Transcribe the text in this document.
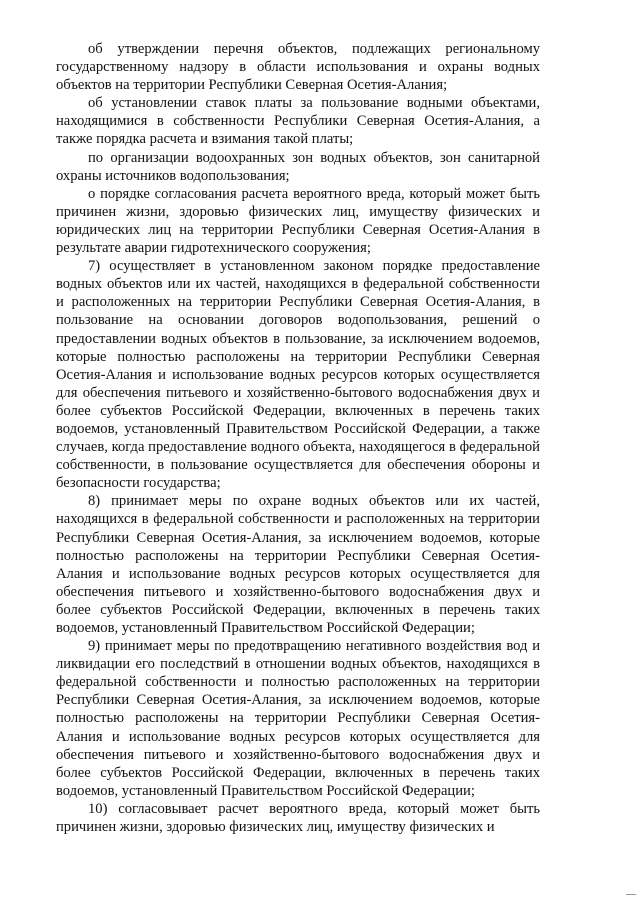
об утверждении перечня объектов, подлежащих региональному государственному надзору в области использования и охраны водных объектов на территории Республики Северная Осетия-Алания;

об установлении ставок платы за пользование водными объектами, находящимися в собственности Республики Северная Осетия-Алания, а также порядка расчета и взимания такой платы;

по организации водоохранных зон водных объектов, зон санитарной охраны источников водопользования;

о порядке согласования расчета вероятного вреда, который может быть причинен жизни, здоровью физических лиц, имуществу физических и юридических лиц на территории Республики Северная Осетия-Алания в результате аварии гидротехнического сооружения;

7) осуществляет в установленном законом порядке предоставление водных объектов или их частей, находящихся в федеральной собственности и расположенных на территории Республики Северная Осетия-Алания, в пользование на основании договоров водопользования, решений о предоставлении водных объектов в пользование, за исключением водоемов, которые полностью расположены на территории Республики Северная Осетия-Алания и использование водных ресурсов которых осуществляется для обеспечения питьевого и хозяйственно-бытового водоснабжения двух и более субъектов Российской Федерации, включенных в перечень таких водоемов, установленный Правительством Российской Федерации, а также случаев, когда предоставление водного объекта, находящегося в федеральной собственности, в пользование осуществляется для обеспечения обороны и безопасности государства;

8) принимает меры по охране водных объектов или их частей, находящихся в федеральной собственности и расположенных на территории Республики Северная Осетия-Алания, за исключением водоемов, которые полностью расположены на территории Республики Северная Осетия-Алания и использование водных ресурсов которых осуществляется для обеспечения питьевого и хозяйственно-бытового водоснабжения двух и более субъектов Российской Федерации, включенных в перечень таких водоемов, установленный Правительством Российской Федерации;

9) принимает меры по предотвращению негативного воздействия вод и ликвидации его последствий в отношении водных объектов, находящихся в федеральной собственности и полностью расположенных на территории Республики Северная Осетия-Алания, за исключением водоемов, которые полностью расположены на территории Республики Северная Осетия-Алания и использование водных ресурсов которых осуществляется для обеспечения питьевого и хозяйственно-бытового водоснабжения двух и более субъектов Российской Федерации, включенных в перечень таких водоемов, установленный Правительством Российской Федерации;

10) согласовывает расчет вероятного вреда, который может быть причинен жизни, здоровью физических лиц, имуществу физических и
